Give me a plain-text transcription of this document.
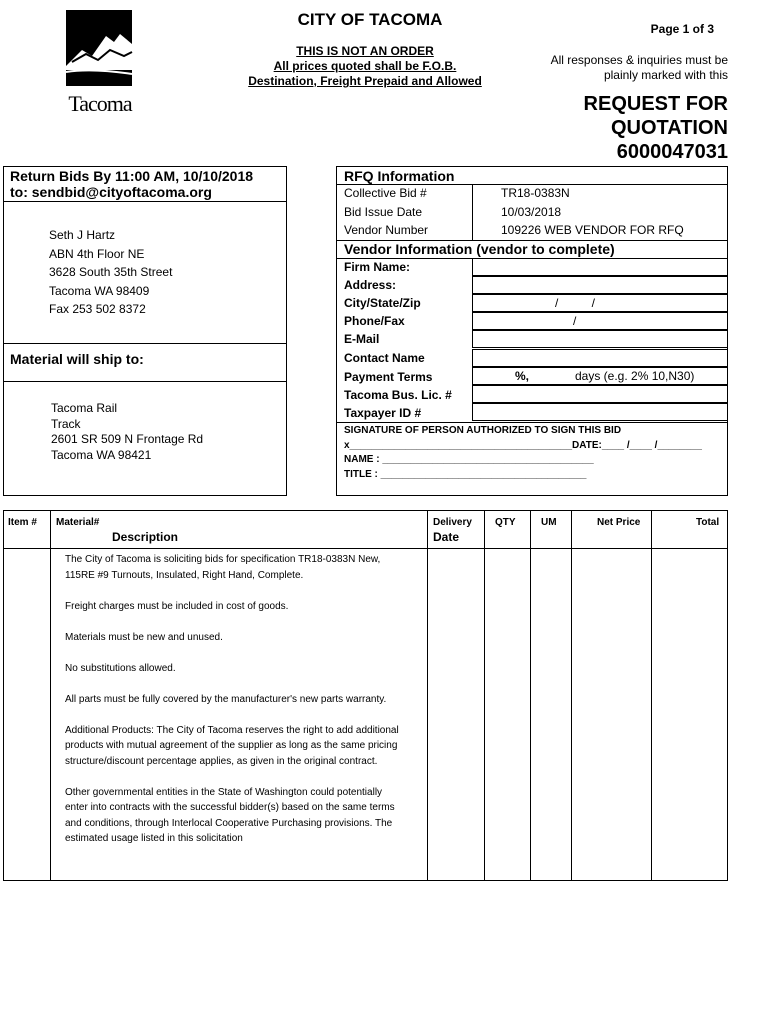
Tacoma
CITY OF TACOMA
THIS IS NOT AN ORDER
All prices quoted shall be F.O.B.
Destination, Freight Prepaid and Allowed
Page 1 of 3
All responses & inquiries must be
plainly marked with this
REQUEST FOR
QUOTATION
6000047031
Return Bids By 11:00 AM, 10/10/2018
to: sendbid@cityoftacoma.org
Seth J Hartz
ABN 4th Floor NE
3628 South 35th Street
Tacoma WA 98409
Fax 253 502 8372
Material will ship to:
Tacoma Rail
Track
2601 SR 509 N Frontage Rd
Tacoma WA 98421
RFQ Information
Collective Bid #	TR18-0383N
Bid Issue Date	10/03/2018
Vendor Number	109226 WEB VENDOR FOR RFQ
Vendor Information (vendor to complete)
Firm Name:
Address:
City/State/Zip	/          /
Phone/Fax	/
E-Mail
Contact Name
Payment Terms	%,	days (e.g. 2% 10,N30)
Tacoma Bus. Lic. #
Taxpayer ID #
SIGNATURE OF PERSON AUTHORIZED TO SIGN THIS BID
x________________________________________DATE:____ /____ /________
NAME : ______________________________________
TITLE : _____________________________________
Item # Material#
Description
Delivery
Date
QTY	UM	Net Price	Total

The City of Tacoma is soliciting bids for specification TR18-0383N New, 115RE #9 Turnouts, Insulated, Right Hand, Complete.

Freight charges must be included in cost of goods.

Materials must be new and unused.

No substitutions allowed.

All parts must be fully covered by the manufacturer's new parts warranty.

Additional Products: The City of Tacoma reserves the right to add additional products with mutual agreement of the supplier as long as the same pricing structure/discount percentage applies, as given in the original contract.

Other governmental entities in the State of Washington could potentially enter into contracts with the successful bidder(s) based on the same terms and conditions, through Interlocal Cooperative Purchasing provisions. The estimated usage listed in this solicitation
